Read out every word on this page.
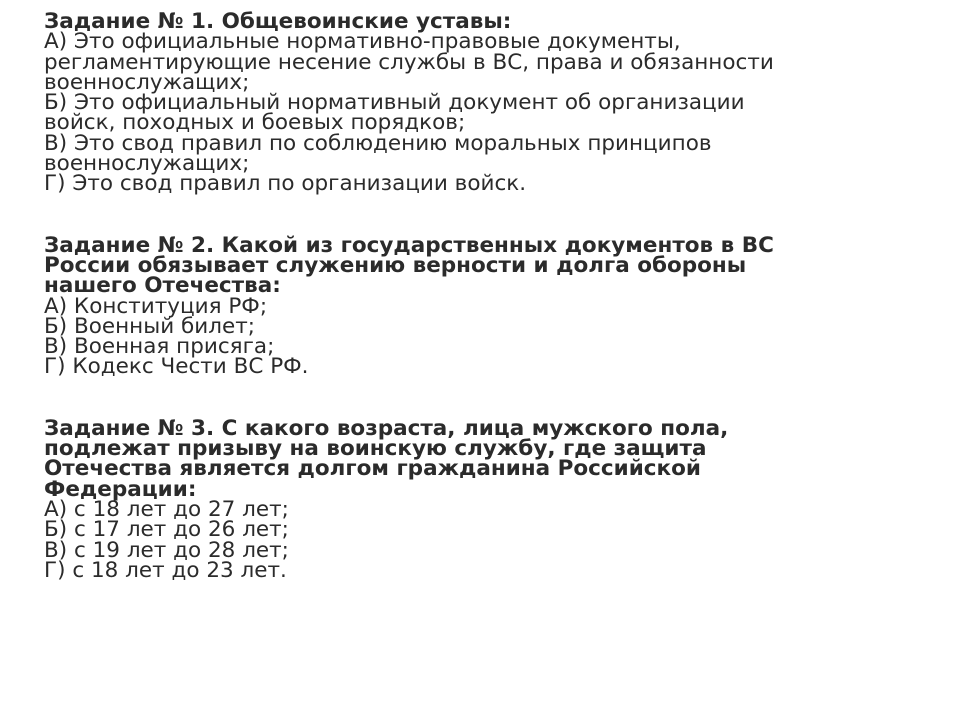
Задание № 1. Общевоинские уставы:
А) Это официальные нормативно-правовые документы,
регламентирующие несение службы в ВС, права и обязанности
военнослужащих;
Б) Это официальный нормативный документ об организации
войск, походных и боевых порядков;
В) Это свод правил по соблюдению моральных принципов
военнослужащих;
Г) Это свод правил по организации войск.
Задание № 2. Какой из государственных документов в ВС
России обязывает служению верности и долга обороны
нашего Отечества:
А) Конституция РФ;
Б) Военный билет;
В) Военная присяга;
Г) Кодекс Чести ВС РФ.
Задание № 3. С какого возраста, лица мужского пола,
подлежат призыву на воинскую службу, где защита
Отечества является долгом гражданина Российской
Федерации:
А) с 18 лет до 27 лет;
Б) с 17 лет до 26 лет;
В) с 19 лет до 28 лет;
Г) с 18 лет до 23 лет.
